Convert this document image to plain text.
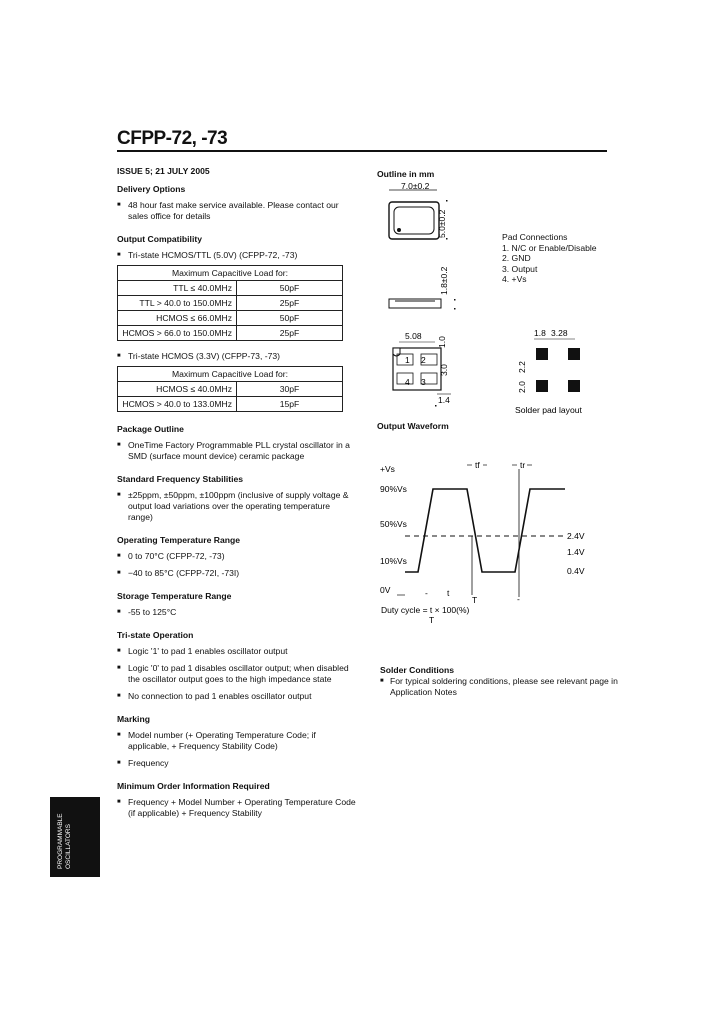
CFPP-72, -73

ISSUE 5; 21 JULY 2005

Delivery Options
■ 48 hour fast make service available. Please contact our sales office for details
Output Compatibility
■ Tri-state HCMOS/TTL (5.0V) (CFPP-72, -73)
Maximum Capacitive Load for:	
TTL ≤ 40.0MHz	50pF
TTL > 40.0 to 150.0MHz	25pF
HCMOS ≤ 66.0MHz	50pF
HCMOS > 66.0 to 150.0MHz	25pF
■ Tri-state HCMOS (3.3V) (CFPP-73, -73)
Maximum Capacitive Load for:	
HCMOS ≤ 40.0MHz	30pF
HCMOS > 40.0 to 133.0MHz	15pF
Package Outline
■ OneTime Factory Programmable PLL crystal oscillator in a SMD (surface mount device) ceramic package
Standard Frequency Stabilities
■ ±25ppm, ±50ppm, ±100ppm (inclusive of supply voltage & output load variations over the operating temperature range)
Operating Temperature Range
■ 0 to 70°C (CFPP-72, -73)
■ −40 to 85°C (CFPP-72I, -73I)
Storage Temperature Range
■ -55 to 125°C
Tri-state Operation
■ Logic '1' to pad 1 enables oscillator output
■ Logic '0' to pad 1 disables oscillator output; when disabled the oscillator output goes to the high impedance state
■ No connection to pad 1 enables oscillator output
Marking
■ Model number (+ Operating Temperature Code; if applicable, + Frequency Stability Code)
■ Frequency
Minimum Order Information Required
■ Frequency + Model Number + Operating Temperature Code (if applicable) + Frequency Stability
Outline in mm
7.0±0.2
5.0±0.2
1.8±0.2
5.08
1.0
1 2
4 3
3.0
1.4
Pad Connections
1. N/C or Enable/Disable
2. GND
3. Output
4. +Vs
1.8 3.28
2.2
2.0
Solder pad layout
Output Waveform
+Vs
90%Vs
50%Vs
10%Vs
0V
2.4V
1.4V
0.4V
tf	tr
- t
T	-
Duty cycle = t × 100(%)
T
Solder Conditions
■ For typical soldering conditions, please see relevant page in Application Notes
PROGRAMMABLE OSCILLATORS
